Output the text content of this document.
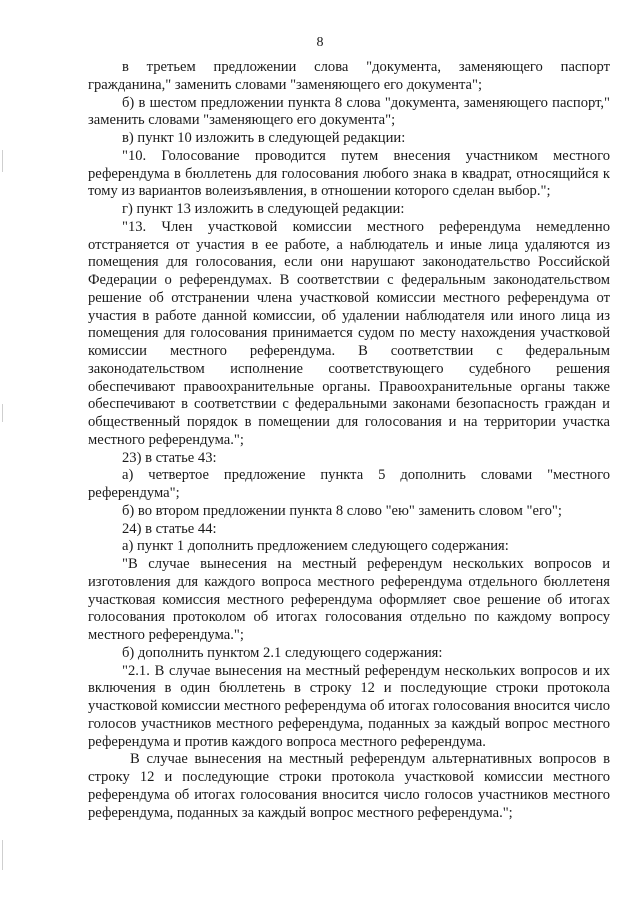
8

в третьем предложении слова "документа, заменяющего паспорт гражданина," заменить словами "заменяющего его документа";

б) в шестом предложении пункта 8 слова "документа, заменяющего паспорт," заменить словами "заменяющего его документа";

в) пункт 10 изложить в следующей редакции:

"10. Голосование проводится путем внесения участником местного референдума в бюллетень для голосования любого знака в квадрат, относящийся к тому из вариантов волеизъявления, в отношении которого сделан выбор.";

г) пункт 13 изложить в следующей редакции:

"13. Член участковой комиссии местного референдума немедленно отстраняется от участия в ее работе, а наблюдатель и иные лица удаляются из помещения для голосования, если они нарушают законодательство Российской Федерации о референдумах. В соответствии с федеральным законодательством решение об отстранении члена участковой комиссии местного референдума от участия в работе данной комиссии, об удалении наблюдателя или иного лица из помещения для голосования принимается судом по месту нахождения участковой комиссии местного референдума. В соответствии с федеральным законодательством исполнение соответствующего судебного решения обеспечивают правоохранительные органы. Правоохранительные органы также обеспечивают в соответствии с федеральными законами безопасность граждан и общественный порядок в помещении для голосования и на территории участка местного референдума.";

23) в статье 43:

а) четвертое предложение пункта 5 дополнить словами "местного референдума";

б) во втором предложении пункта 8 слово "ею" заменить словом "его";

24) в статье 44:

а) пункт 1 дополнить предложением следующего содержания:

"В случае вынесения на местный референдум нескольких вопросов и изготовления для каждого вопроса местного референдума отдельного бюллетеня участковая комиссия местного референдума оформляет свое решение об итогах голосования протоколом об итогах голосования отдельно по каждому вопросу местного референдума.";

б) дополнить пунктом 2.1 следующего содержания:

"2.1. В случае вынесения на местный референдум нескольких вопросов и их включения в один бюллетень в строку 12 и последующие строки протокола участковой комиссии местного референдума об итогах голосования вносится число голосов участников местного референдума, поданных за каждый вопрос местного референдума и против каждого вопроса местного референдума.

В случае вынесения на местный референдум альтернативных вопросов в строку 12 и последующие строки протокола участковой комиссии местного референдума об итогах голосования вносится число голосов участников местного референдума, поданных за каждый вопрос местного референдума.";
